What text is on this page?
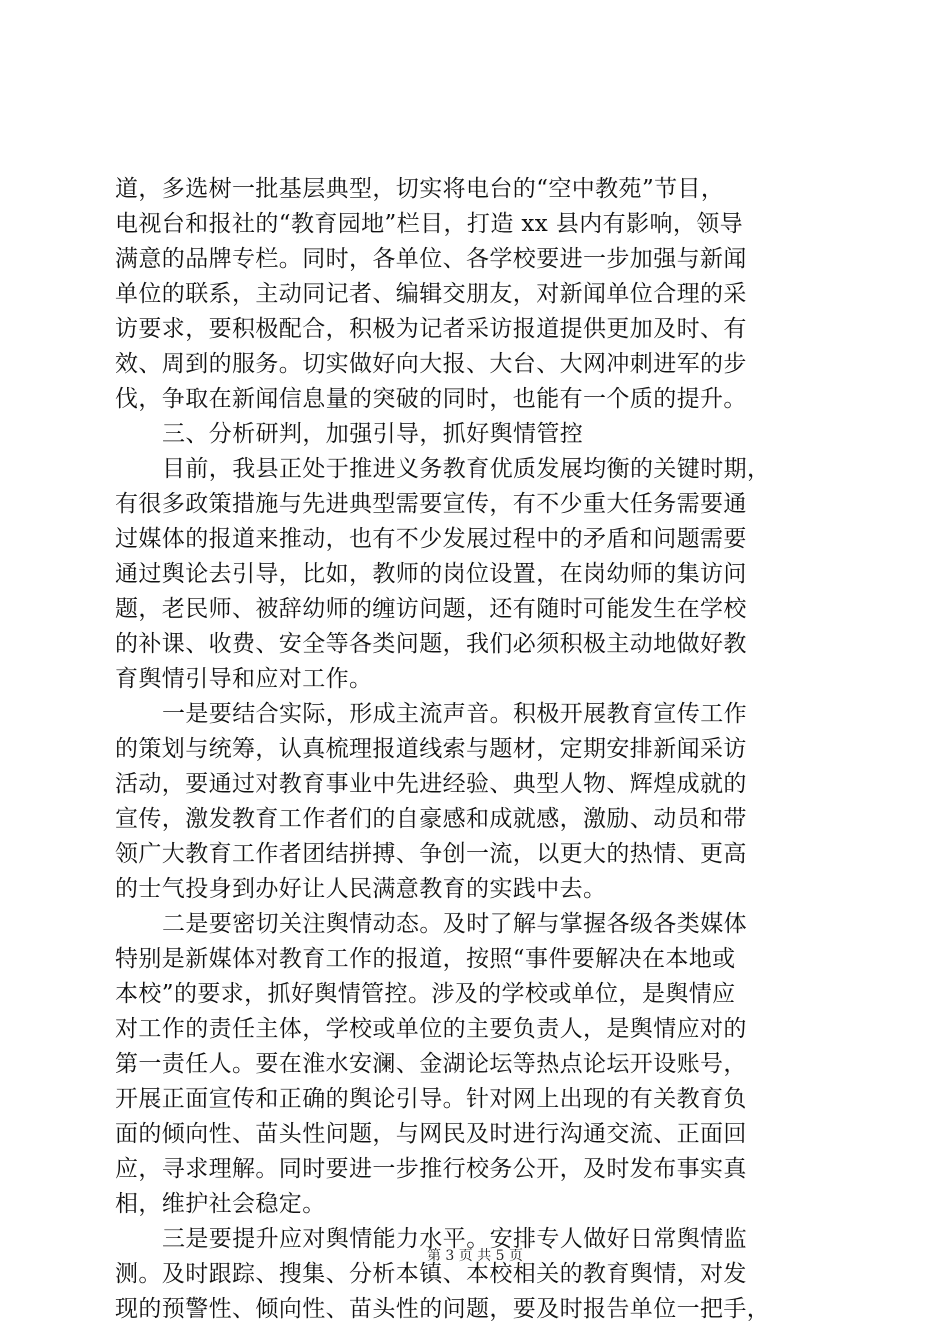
道，多选树一批基层典型，切实将电台的“空中教苑”节目，
电视台和报社的“教育园地”栏目，打造 xx 县内有影响，领导
满意的品牌专栏。同时，各单位、各学校要进一步加强与新闻
单位的联系，主动同记者、编辑交朋友，对新闻单位合理的采
访要求，要积极配合，积极为记者采访报道提供更加及时、有
效、周到的服务。切实做好向大报、大台、大网冲刺进军的步
伐，争取在新闻信息量的突破的同时，也能有一个质的提升。
三、分析研判，加强引导，抓好舆情管控
目前，我县正处于推进义务教育优质发展均衡的关键时期，
有很多政策措施与先进典型需要宣传，有不少重大任务需要通
过媒体的报道来推动，也有不少发展过程中的矛盾和问题需要
通过舆论去引导，比如，教师的岗位设置，在岗幼师的集访问
题，老民师、被辞幼师的缠访问题，还有随时可能发生在学校
的补课、收费、安全等各类问题，我们必须积极主动地做好教
育舆情引导和应对工作。
一是要结合实际，形成主流声音。积极开展教育宣传工作
的策划与统筹，认真梳理报道线索与题材，定期安排新闻采访
活动，要通过对教育事业中先进经验、典型人物、辉煌成就的
宣传，激发教育工作者们的自豪感和成就感，激励、动员和带
领广大教育工作者团结拼搏、争创一流，以更大的热情、更高
的士气投身到办好让人民满意教育的实践中去。
二是要密切关注舆情动态。及时了解与掌握各级各类媒体
特别是新媒体对教育工作的报道，按照“事件要解决在本地或
本校”的要求，抓好舆情管控。涉及的学校或单位，是舆情应
对工作的责任主体，学校或单位的主要负责人，是舆情应对的
第一责任人。要在淮水安澜、金湖论坛等热点论坛开设账号，
开展正面宣传和正确的舆论引导。针对网上出现的有关教育负
面的倾向性、苗头性问题，与网民及时进行沟通交流、正面回
应，寻求理解。同时要进一步推行校务公开，及时发布事实真
相，维护社会稳定。
三是要提升应对舆情能力水平。安排专人做好日常舆情监
测。及时跟踪、搜集、分析本镇、本校相关的教育舆情，对发
现的预警性、倾向性、苗头性的问题，要及时报告单位一把手，
第 3 页 共 5 页
